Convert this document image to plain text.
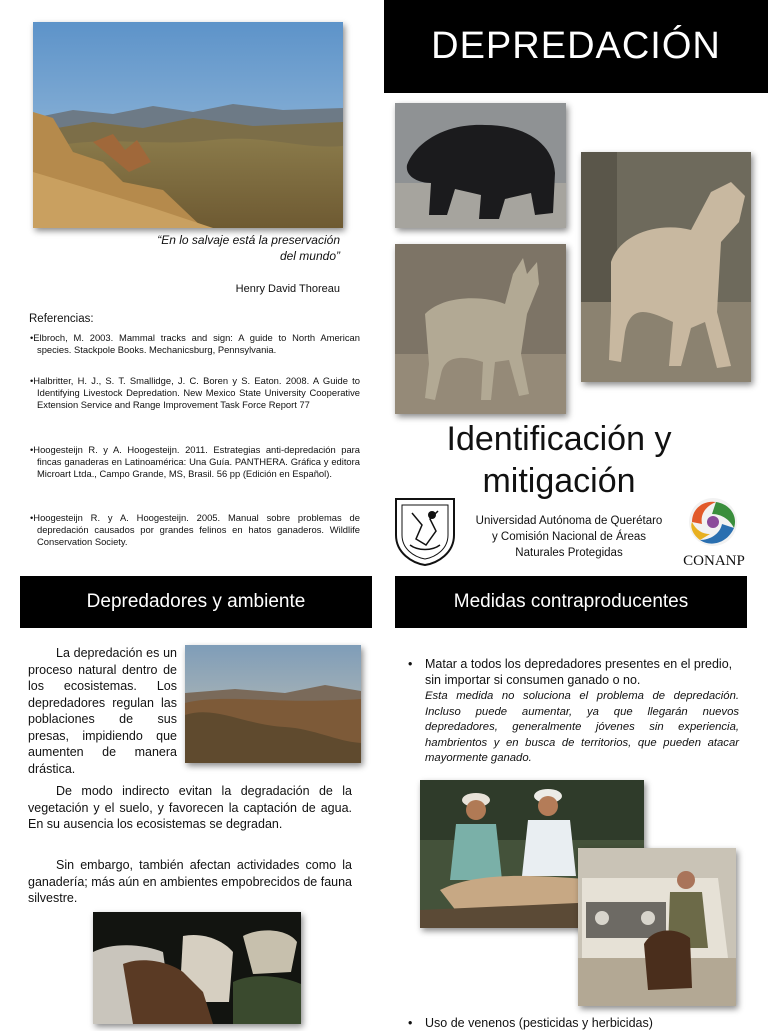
“En lo salvaje está la preservación
del mundo”
Henry David Thoreau
Referencias:
• Elbroch, M. 2003. Mammal tracks and sign: A guide to North American species. Stackpole Books. Mechanicsburg, Pennsylvania.
• Halbritter, H. J., S. T. Smallidge, J. C. Boren y S. Eaton. 2008. A Guide to Identifying Livestock Depredation. New Mexico State University Cooperative Extension Service and Range Improvement Task Force Report 77
• Hoogesteijn R. y A. Hoogesteijn. 2011. Estrategias anti-depredación para fincas ganaderas en Latinoamérica: Una Guía. PANTHERA. Gráfica y editora Microart Ltda., Campo Grande, MS, Brasil. 56 pp (Edición en Español).
• Hoogesteijn R. y A. Hoogesteijn. 2005. Manual sobre problemas de depredación causados por grandes felinos en hatos ganaderos. Wildlife Conservation Society.
DEPREDACIÓN
Identificación y
mitigación
Universidad Autónoma de Querétaro
y Comisión Nacional de Áreas
Naturales Protegidas	CONANP
Depredadores y ambiente	Medidas contraproducentes
La depredación es un proceso natural dentro de los ecosistemas. Los depredadores regulan las poblaciones de sus presas, impidiendo que aumenten de manera drástica.
De modo indirecto evitan la degradación de la vegetación y el suelo, y favorecen la captación de agua. En su ausencia los ecosistemas se degradan.
Sin embargo, también afectan actividades como la ganadería; más aún en ambientes empobrecidos de fauna silvestre.
• Matar a todos los depredadores presentes en el predio, sin importar si consumen ganado o no.
Esta medida no soluciona el problema de depredación. Incluso puede aumentar, ya que llegarán nuevos depredadores, generalmente jóvenes sin experiencia, hambrientos y en busca de territorios, que pueden atacar mayormente ganado.
• Uso de venenos (pesticidas y herbicidas)
